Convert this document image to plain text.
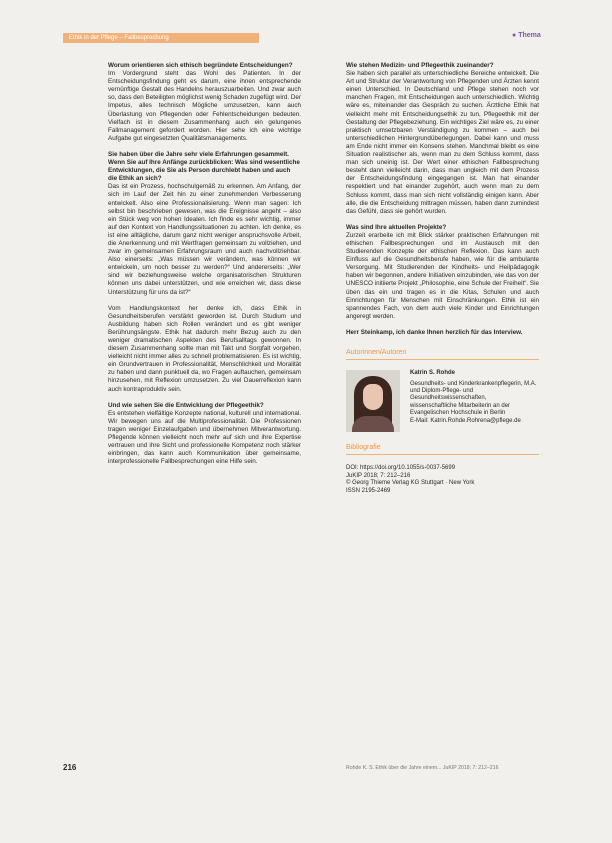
Ethik in der Pflege – Fallbesprechung	● Thema

Worum orientieren sich ethisch begründete Entscheidungen?

Im Vordergrund steht das Wohl des Patienten. In der Entscheidungsfindung geht es darum, eine ihnen entsprechende vernünftige Gestalt des Handelns herauszuarbeiten. Und zwar auch so, dass den Beteiligten möglichst wenig Schaden zugefügt wird. Der Impetus, alles technisch Mögliche umzusetzen, kann auch Überlastung von Pflegenden oder Fehlentscheidungen bedeuten. Vielfach ist in diesem Zusammenhang auch ein gelungenes Fallmanagement gefordert worden. Hier sehe ich eine wichtige Aufgabe gut eingesetzten Qualitätsmanagements.

Sie haben über die Jahre sehr viele Erfahrungen gesammelt. Wenn Sie auf Ihre Anfänge zurückblicken: Was sind wesentliche Entwicklungen, die Sie als Person durchlebt haben und auch die Ethik an sich?

Das ist ein Prozess, hochschulgemäß zu erkennen. Am Anfang, der sich im Lauf der Zeit hin zu einer zunehmenden Verbesserung entwickelt. Also eine Professionalisierung. Wenn man sagen: Ich selbst bin beschrieben gewesen, was die Ereignisse angeht – also ein Stück weg von hohen Idealen. Ich finde es sehr wichtig, immer auf den Kontext von Handlungssituationen zu achten. Ich denke, es ist eine alltägliche, darum ganz nicht weniger anspruchsvolle Arbeit, die Anerkennung und mit Wertfragen gemeinsam zu vollziehen, und zwar im gemeinsamen Erfahrungsraum und auch nachvollziehbar. Also einerseits: „Was müssen wir verändern, was können wir entwickeln, um noch besser zu werden?“ Und andererseits: „Wer sind wir beziehungsweise welche organisatorischen Strukturen können uns dabei unterstützen, und wie erreichen wir, dass diese Unterstützung für uns da ist?“

Vom Handlungskontext her denke ich, dass Ethik in Gesundheitsberufen verstärkt geworden ist. Durch Studium und Ausbildung haben sich Rollen verändert und es gibt weniger Berührungsängste. Ethik hat dadurch mehr Bezug auch zu den weniger dramatischen Aspekten des Berufsalltags gewonnen. In diesem Zusammenhang sollte man mit Takt und Sorgfalt vorgehen, vielleicht nicht immer alles zu schnell problematisieren. Es ist wichtig, ein Grundvertrauen in Professionalität, Menschlichkeit und Moralität zu haben und dann punktuell da, wo Fragen auftauchen, gemeinsam hinzusehen, mit Reflexion umzusetzen. Zu viel Dauerreflexion kann auch kontraproduktiv sein.

Und wie sehen Sie die Entwicklung der Pflegeethik?

Es entstehen vielfältige Konzepte national, kulturell und international. Wir bewegen uns auf die Multiprofessionalität. Die Professionen tragen weniger Einzelaufgaben und übernehmen Mitverantwortung. Pflegende können vielleicht noch mehr auf sich und ihre Expertise vertrauen und ihre Sicht und professionelle Kompetenz noch stärker einbringen, das kann auch Kommunikation über gemeinsame, interprofessionelle Fallbesprechungen eine Hilfe sein.

Wie stehen Medizin- und Pflegeethik zueinander?

Sie haben sich parallel als unterschiedliche Bereiche entwickelt. Die Art und Struktur der Verantwortung von Pflegenden und Ärzten kennt einen Unterschied. In Deutschland und Pflege stehen noch vor manchen Fragen, mit Entscheidungen auch unterschiedlich. Wichtig wäre es, miteinander das Gespräch zu suchen. Ärztliche Ethik hat vielleicht mehr mit Entscheidungsethik zu tun, Pflegeethik mit der Gestaltung der Pflegebeziehung. Ein wichtiges Ziel wäre es, zu einer praktisch umsetzbaren Verständigung zu kommen – auch bei unterschiedlichen Hintergrundüberlegungen. Dabei kann und muss am Ende nicht immer ein Konsens stehen. Manchmal bleibt es eine Situation realistischer als, wenn man zu dem Schluss kommt, dass man sich uneinig ist. Der Wert einer ethischen Fallbesprechung besteht dann vielleicht darin, dass man ungleich mit dem Prozess der Entscheidungsfindung eingegangen ist. Man hat einander respektiert und hat einander zugehört, auch wenn man zu dem Schluss kommt, dass man sich nicht vollständig einigen kann. Aber alle, die die Entscheidung mittragen müssen, haben dann zumindest das Gefühl, dass sie gehört wurden.

Was sind Ihre aktuellen Projekte?

Zurzeit erarbeite ich mit Blick stärker praktischen Erfahrungen mit ethischen Fallbesprechungen und im Austausch mit den Studierenden Konzepte der ethischen Reflexion. Das kann auch Einfluss auf die Gesundheitsberufe haben, wie für die ambulante Versorgung. Mit Studierenden der Kindheits- und Heilpädagogik haben wir begonnen, andere Initiativen einzubinden, wie das von der UNESCO initiierte Projekt „Philosophie, eine Schule der Freiheit“. Sie üben das ein und tragen es in die Kitas, Schulen und auch Einrichtungen für Menschen mit Einschränkungen. Ethik ist ein spannendes Fach, von dem auch viele Kinder und Einrichtungen angeregt werden.

Herr Steinkamp, ich danke Ihnen herzlich für das Interview.

Autorinnen/Autoren

Katrin S. Rohde

Gesundheits- und Kinderkrankenpflegerin, M.A. und Diplom-Pflege- und Gesundheitswissenschaften,
wissenschaftliche Mitarbeiterin an der Evangelischen Hochschule in Berlin
E-Mail: Katrin.Rohde.Rohrena@pflege.de
Bibliografie
DOI: https://doi.org/10.1055/s-0037-5699
JuKIP 2018; 7: 212–216
© Georg Thieme Verlag KG Stuttgart · New York
ISSN 2195-2469
216	Rohde K. S. Ethik über die Jahre einem... JuKIP 2018; 7: 212–216
